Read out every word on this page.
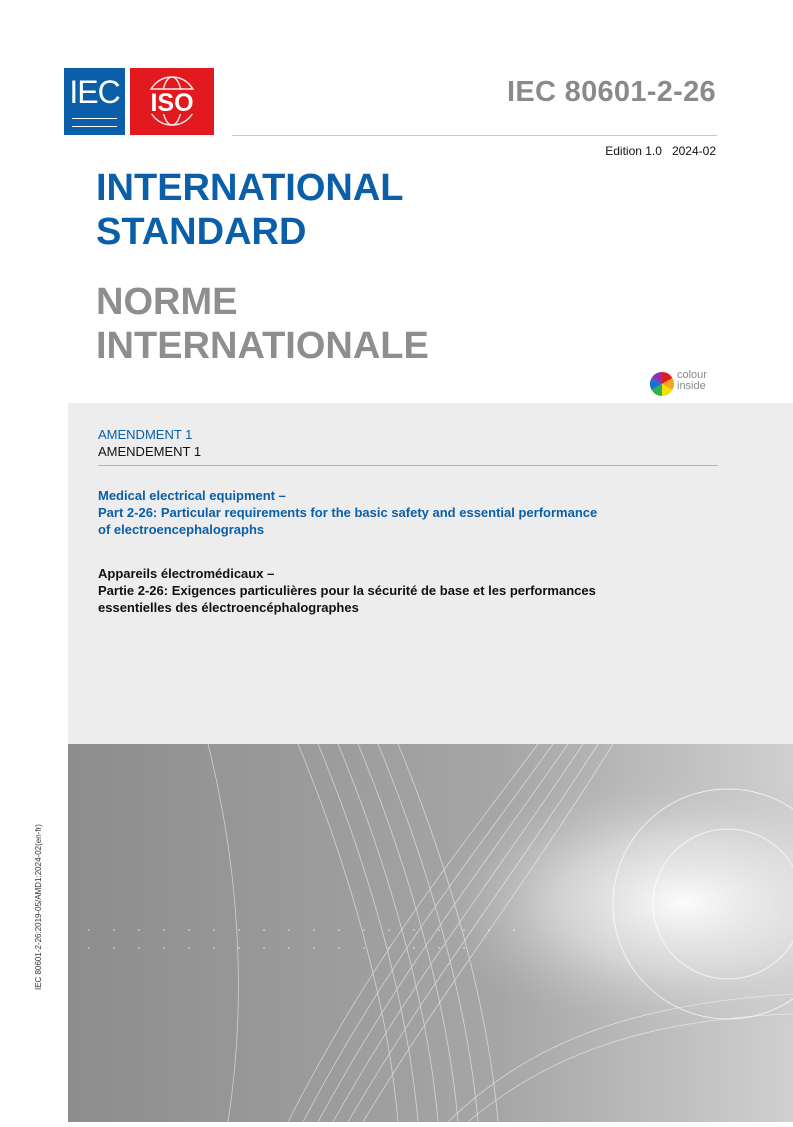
IEC ISO	IEC 80601-2-26
Edition 1.0 2024-02
INTERNATIONAL
STANDARD
NORME
INTERNATIONALE
colour
inside
AMENDMENT 1
AMENDEMENT 1
Medical electrical equipment –
Part 2-26: Particular requirements for the basic safety and essential performance
of electroencephalographs
Appareils électromédicaux –
Partie 2-26: Exigences particulières pour la sécurité de base et les performances
essentielles des électroencéphalographes
IEC 80601-2-26:2019-05/AMD1:2024-02(en-fr)
